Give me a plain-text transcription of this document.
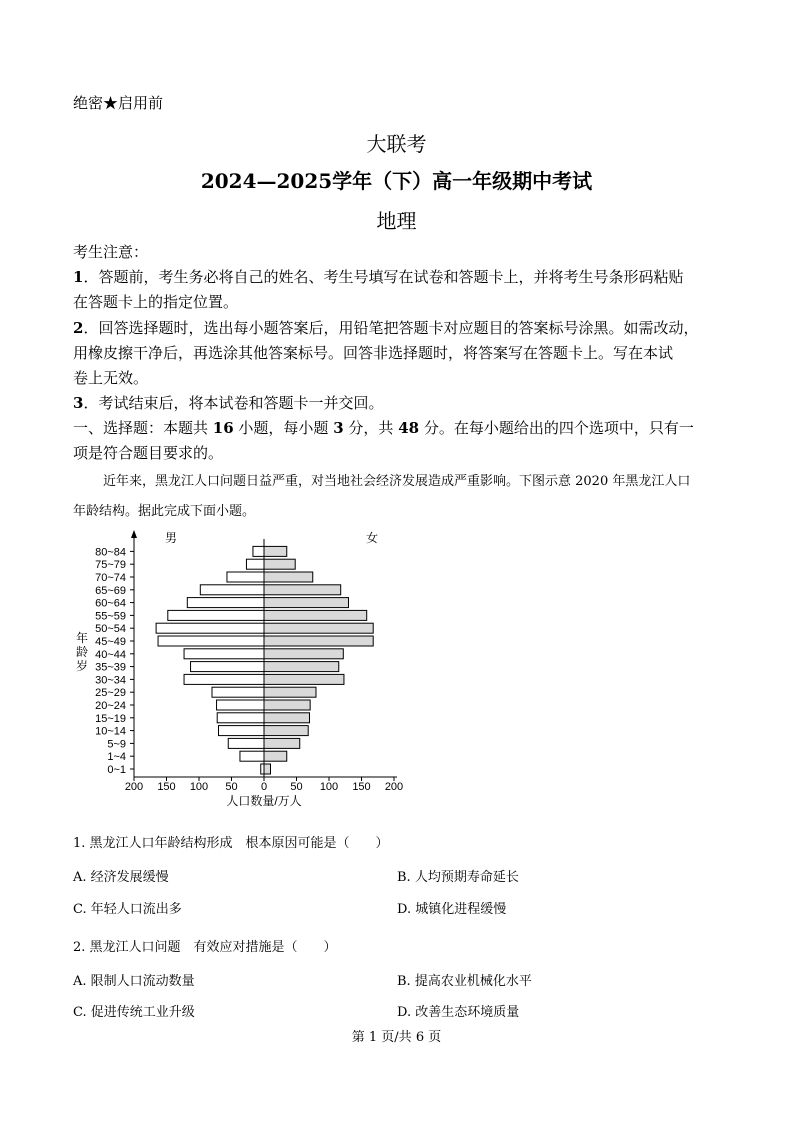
绝密★启用前
大联考
2024—2025学年（下）高一年级期中考试
地理
考生注意：
1．答题前，考生务必将自己的姓名、考生号填写在试卷和答题卡上，并将考生号条形码粘贴
在答题卡上的指定位置。
2．回答选择题时，选出每小题答案后，用铅笔把答题卡对应题目的答案标号涂黑。如需改动，
用橡皮擦干净后，再选涂其他答案标号。回答非选择题时，将答案写在答题卡上。写在本试
卷上无效。
3．考试结束后，将本试卷和答题卡一并交回。
一、选择题：本题共 16 小题，每小题 3 分，共 48 分。在每小题给出的四个选项中，只有一
项是符合题目要求的。
近年来，黑龙江人口问题日益严重，对当地社会经济发展造成严重影响。下图示意 2020 年黑龙江人口
年龄结构。据此完成下面小题。
男	女
年
龄
岁
人口数量/万人
80~84
75~79
70~74
65~69
60~64
55~59
50~54
45~49
40~44
35~39
30~34
25~29
20~24
15~19
10~14
5~9
1~4
0~1
200 150 100 50 0 50 100 150 200
1. 黑龙江人口年龄结构形成　根本原因可能是（　　）
A. 经济发展缓慢	B. 人均预期寿命延长
C. 年轻人口流出多	D. 城镇化进程缓慢
2. 黑龙江人口问题　有效应对措施是（　　）
A. 限制人口流动数量	B. 提高农业机械化水平
C. 促进传统工业升级	D. 改善生态环境质量
第 1 页/共 6 页
